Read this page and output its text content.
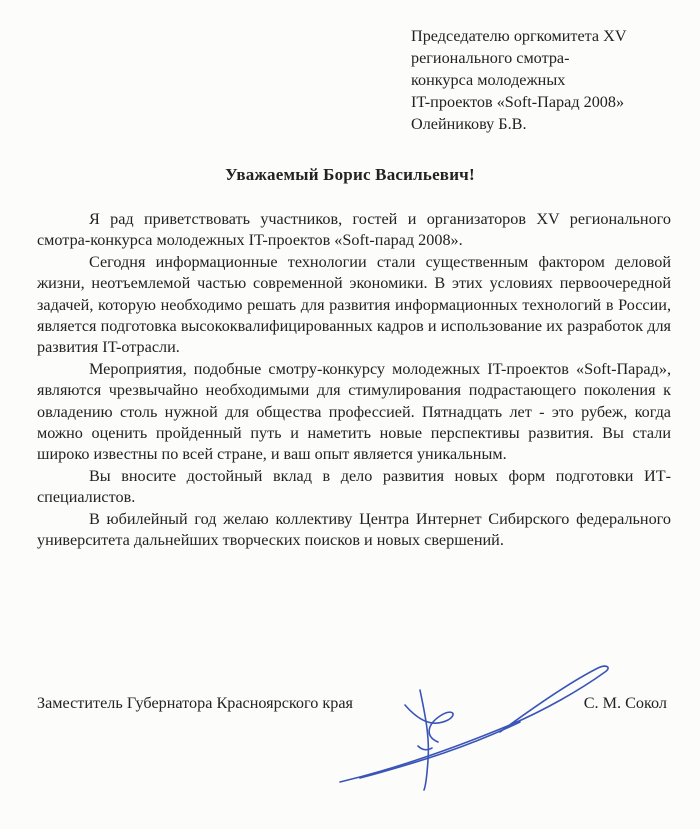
Председателю оргкомитета XV
регионального смотра-
конкурса молодежных
IT-проектов «Soft-Парад 2008»
Олейникову Б.В.
Уважаемый Борис Васильевич!

Я рад приветствовать участников, гостей и организаторов XV регионального смотра-конкурса молодежных IT-проектов «Soft-парад 2008».

Сегодня информационные технологии стали существенным фактором деловой жизни, неотъемлемой частью современной экономики. В этих условиях первоочередной задачей, которую необходимо решать для развития информационных технологий в России, является подготовка высококвалифицированных кадров и использование их разработок для развития IT-отрасли.

Мероприятия, подобные смотру-конкурсу молодежных IT-проектов «Soft-Парад», являются чрезвычайно необходимыми для стимулирования подрастающего поколения к овладению столь нужной для общества профессией. Пятнадцать лет - это рубеж, когда можно оценить пройденный путь и наметить новые перспективы развития. Вы стали широко известны по всей стране, и ваш опыт является уникальным.

Вы вносите достойный вклад в дело развития новых форм подготовки ИТ-специалистов.

В юбилейный год желаю коллективу Центра Интернет Сибирского федерального университета дальнейших творческих поисков и новых свершений.

Заместитель Губернатора Красноярского края	С. М. Сокол
